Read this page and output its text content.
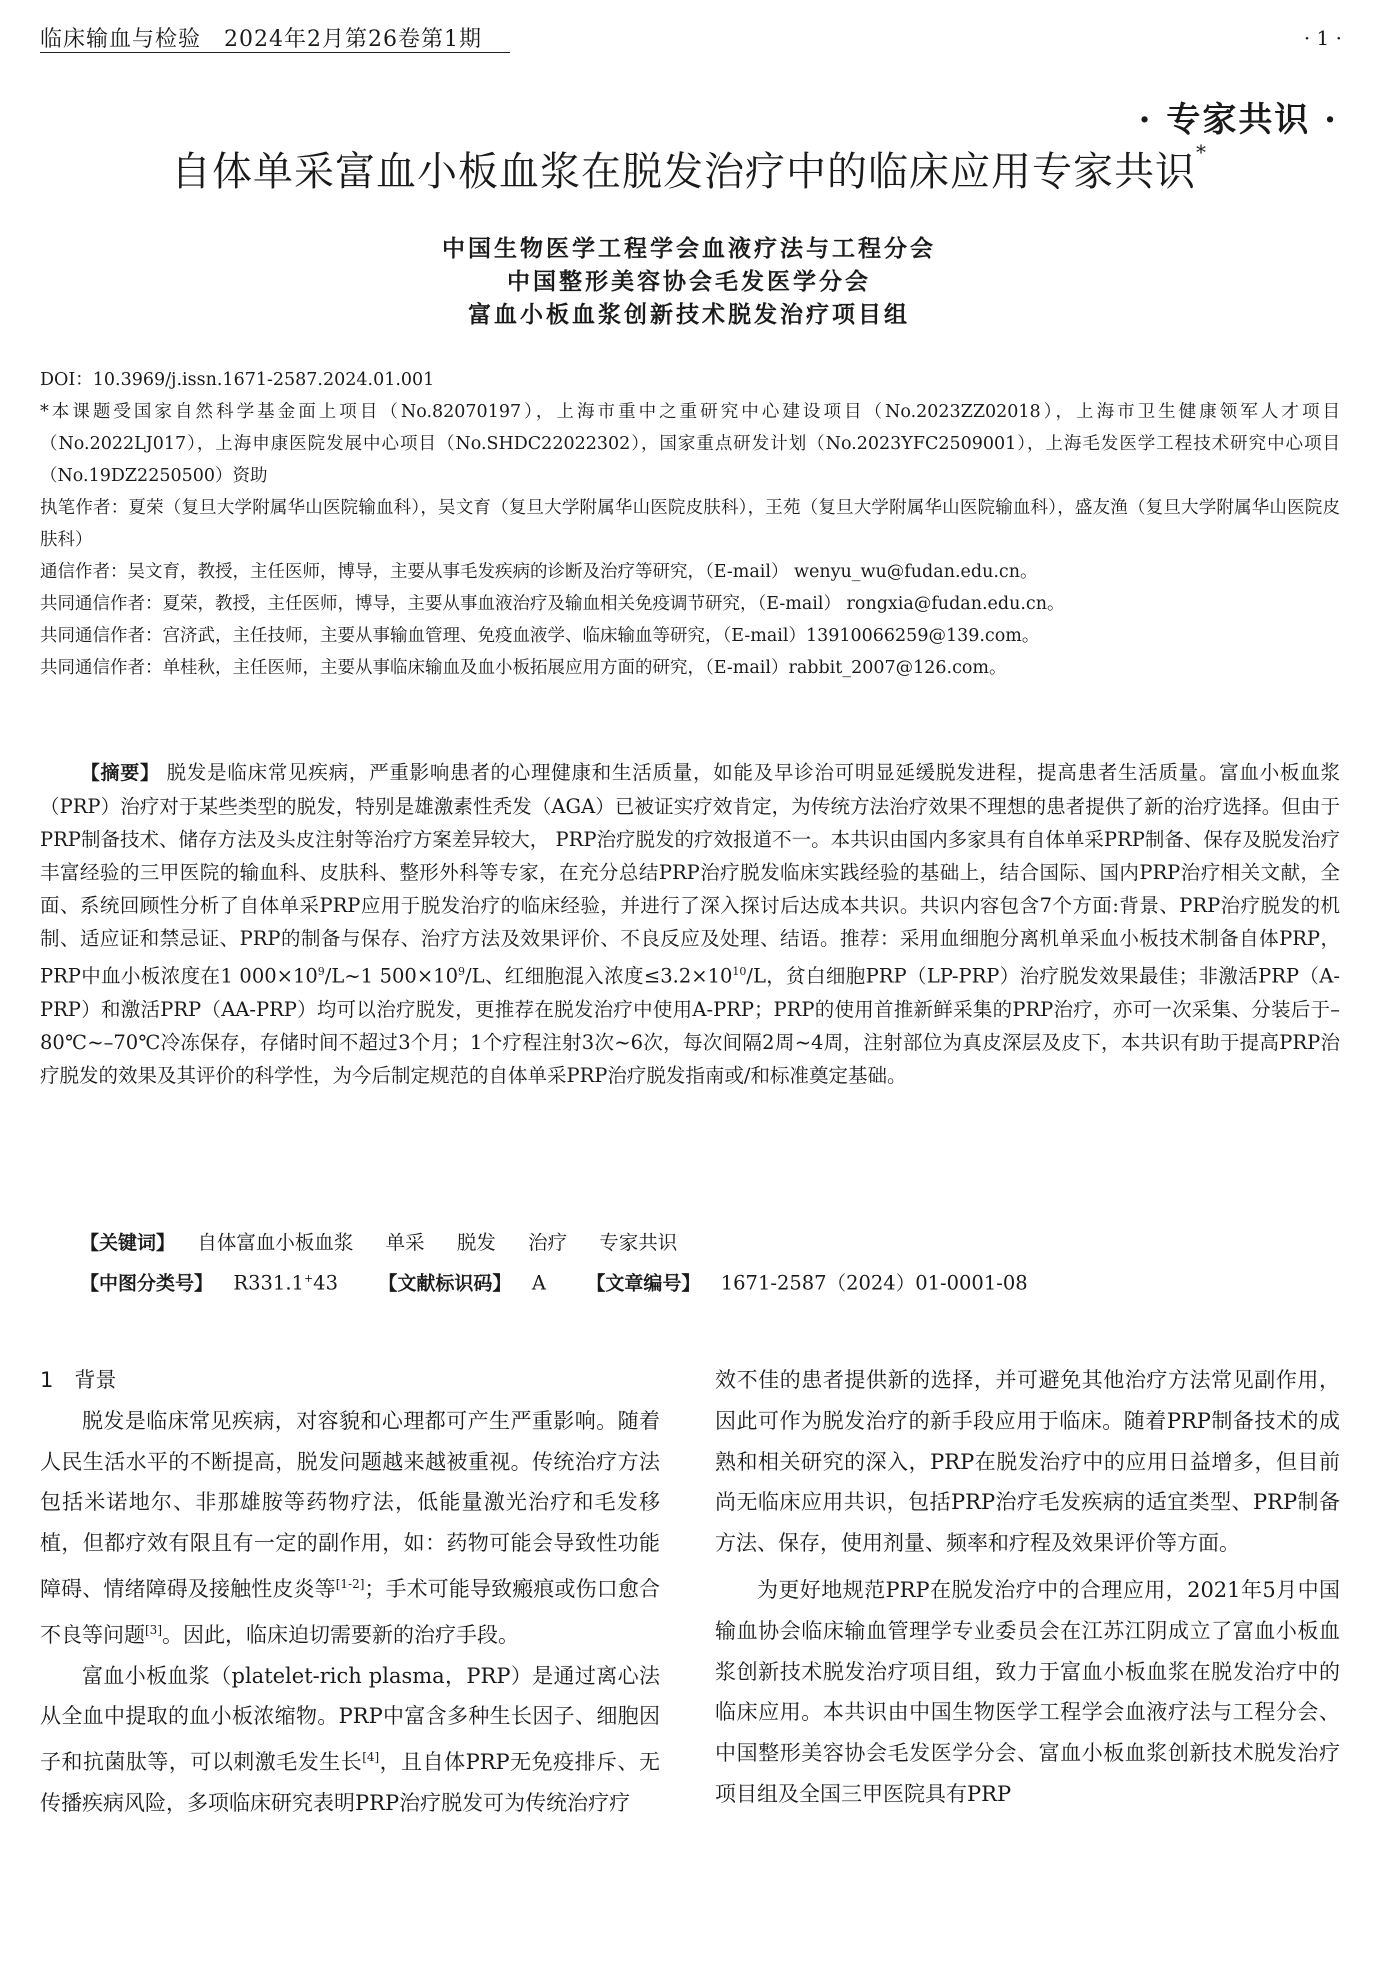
临床输血与检验　2024年2月第26卷第1期	· 1 ·
· 专家共识 ·
自体单采富血小板血浆在脱发治疗中的临床应用专家共识*
中国生物医学工程学会血液疗法与工程分会
中国整形美容协会毛发医学分会
富血小板血浆创新技术脱发治疗项目组
DOI：10.3969/j.issn.1671-2587.2024.01.001
*本课题受国家自然科学基金面上项目（No.82070197），上海市重中之重研究中心建设项目（No.2023ZZ02018），上海市卫生健康领军人才项目（No.2022LJ017），上海申康医院发展中心项目（No.SHDC22022302），国家重点研发计划（No.2023YFC2509001），上海毛发医学工程技术研究中心项目（No.19DZ2250500）资助
执笔作者：夏荣（复旦大学附属华山医院输血科），吴文育（复旦大学附属华山医院皮肤科），王苑（复旦大学附属华山医院输血科），盛友渔（复旦大学附属华山医院皮肤科）
通信作者：吴文育，教授，主任医师，博导，主要从事毛发疾病的诊断及治疗等研究，（E-mail） wenyu_wu@fudan.edu.cn。
共同通信作者：夏荣，教授，主任医师，博导，主要从事血液治疗及输血相关免疫调节研究，（E-mail） rongxia@fudan.edu.cn。
共同通信作者：宫济武，主任技师，主要从事输血管理、免疫血液学、临床输血等研究，（E-mail）13910066259@139.com。
共同通信作者：单桂秋，主任医师，主要从事临床输血及血小板拓展应用方面的研究，（E-mail）rabbit_2007@126.com。
【摘要】 脱发是临床常见疾病，严重影响患者的心理健康和生活质量，如能及早诊治可明显延缓脱发进程，提高患者生活质量。富血小板血浆（PRP）治疗对于某些类型的脱发，特别是雄激素性秃发（AGA）已被证实疗效肯定，为传统方法治疗效果不理想的患者提供了新的治疗选择。但由于PRP制备技术、储存方法及头皮注射等治疗方案差异较大， PRP治疗脱发的疗效报道不一。本共识由国内多家具有自体单采PRP制备、保存及脱发治疗丰富经验的三甲医院的输血科、皮肤科、整形外科等专家，在充分总结PRP治疗脱发临床实践经验的基础上，结合国际、国内PRP治疗相关文献，全面、系统回顾性分析了自体单采PRP应用于脱发治疗的临床经验，并进行了深入探讨后达成本共识。共识内容包含7个方面:背景、PRP治疗脱发的机制、适应证和禁忌证、PRP的制备与保存、治疗方法及效果评价、不良反应及处理、结语。推荐：采用血细胞分离机单采血小板技术制备自体PRP，PRP中血小板浓度在1 $000\times 10^9/L\sim 1$ $500\times 10^9/L$、红细胞混入浓度$\le 3.2\times 10^{10}/L$，贫白细胞PRP（LP-PRP）治疗脱发效果最佳；非激活PRP（A-PRP）和激活PRP（AA-PRP）均可以治疗脱发，更推荐在脱发治疗中使用A-PRP；PRP的使用首推新鲜采集的PRP治疗，亦可一次采集、分装后于–80℃~–70℃冷冻保存，存储时间不超过3个月；1个疗程注射3次~6次，每次间隔2周~4周，注射部位为真皮深层及皮下，本共识有助于提高PRP治疗脱发的效果及其评价的科学性，为今后制定规范的自体单采PRP治疗脱发指南或/和标准奠定基础。
【关键词】 自体富血小板血浆 单采 脱发 治疗 专家共识
【中图分类号】 R331.1+43 【文献标识码】 A 【文章编号】 1671-2587（2024）01-0001-08
1　背景

脱发是临床常见疾病，对容貌和心理都可产生严重影响。随着人民生活水平的不断提高，脱发问题越来越被重视。传统治疗方法包括米诺地尔、非那雄胺等药物疗法，低能量激光治疗和毛发移植，但都疗效有限且有一定的副作用，如：药物可能会导致性功能障碍、情绪障碍及接触性皮炎等[1-2]；手术可能导致瘢痕或伤口愈合不良等问题[3]。因此，临床迫切需要新的治疗手段。

富血小板血浆（platelet-rich plasma，PRP）是通过离心法从全血中提取的血小板浓缩物。PRP中富含多种生长因子、细胞因子和抗菌肽等，可以刺激毛发生长[4]，且自体PRP无免疫排斥、无传播疾病风险，多项临床研究表明PRP治疗脱发可为传统治疗疗

效不佳的患者提供新的选择，并可避免其他治疗方法常见副作用，因此可作为脱发治疗的新手段应用于临床。随着PRP制备技术的成熟和相关研究的深入，PRP在脱发治疗中的应用日益增多，但目前尚无临床应用共识，包括PRP治疗毛发疾病的适宜类型、PRP制备方法、保存，使用剂量、频率和疗程及效果评价等方面。

为更好地规范PRP在脱发治疗中的合理应用，2021年5月中国输血协会临床输血管理学专业委员会在江苏江阴成立了富血小板血浆创新技术脱发治疗项目组，致力于富血小板血浆在脱发治疗中的临床应用。本共识由中国生物医学工程学会血液疗法与工程分会、中国整形美容协会毛发医学分会、富血小板血浆创新技术脱发治疗项目组及全国三甲医院具有PRP
